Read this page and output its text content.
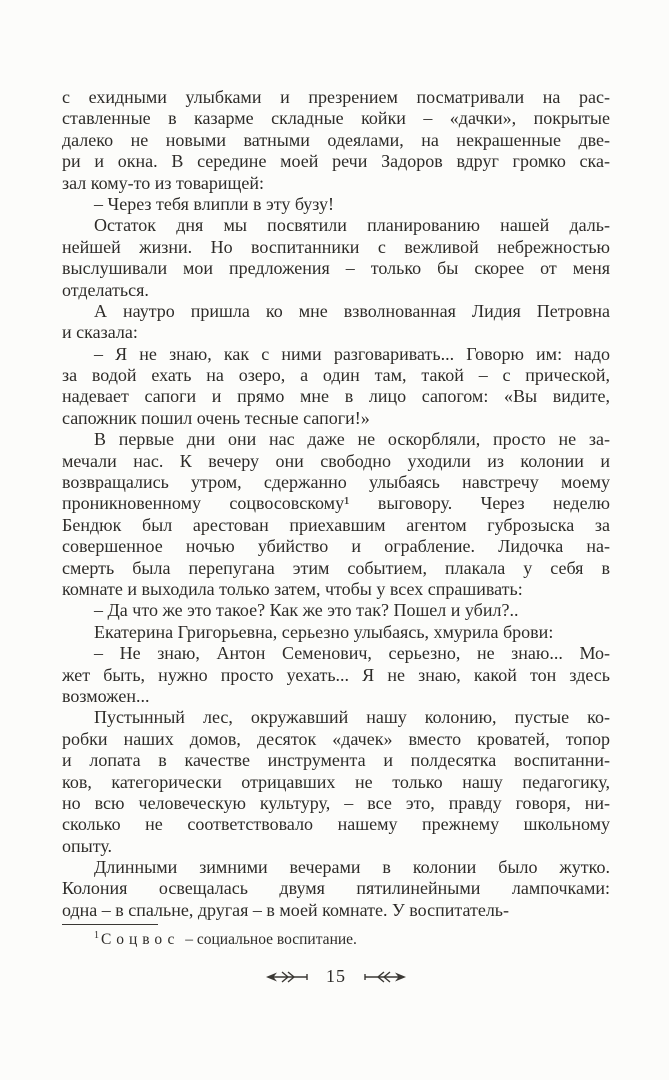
с ехидными улыбками и презрением посматривали на рас-
ставленные в казарме складные койки – «дачки», покрытые
далеко не новыми ватными одеялами, на некрашенные две-
ри и окна. В середине моей речи Задоров вдруг громко ска-
зал кому-то из товарищей:
– Через тебя влипли в эту бузу!
Остаток дня мы посвятили планированию нашей даль-
нейшей жизни. Но воспитанники с вежливой небрежностью
выслушивали мои предложения – только бы скорее от меня
отделаться.
А наутро пришла ко мне взволнованная Лидия Петровна
и сказала:
– Я не знаю, как с ними разговаривать... Говорю им: надо
за водой ехать на озеро, а один там, такой – с прической,
надевает сапоги и прямо мне в лицо сапогом: «Вы видите,
сапожник пошил очень тесные сапоги!»
В первые дни они нас даже не оскорбляли, просто не за-
мечали нас. К вечеру они свободно уходили из колонии и
возвращались утром, сдержанно улыбаясь навстречу моему
проникновенному соцвосовскому¹ выговору. Через неделю
Бендюк был арестован приехавшим агентом губрозыска за
совершенное ночью убийство и ограбление. Лидочка на-
смерть была перепугана этим событием, плакала у себя в
комнате и выходила только затем, чтобы у всех спрашивать:
– Да что же это такое? Как же это так? Пошел и убил?..
Екатерина Григорьевна, серьезно улыбаясь, хмурила брови:
– Не знаю, Антон Семенович, серьезно, не знаю... Мо-
жет быть, нужно просто уехать... Я не знаю, какой тон здесь
возможен...
Пустынный лес, окружавший нашу колонию, пустые ко-
робки наших домов, десяток «дачек» вместо кроватей, топор
и лопата в качестве инструмента и полдесятка воспитанни-
ков, категорически отрицавших не только нашу педагогику,
но всю человеческую культуру, – все это, правду говоря, ни-
сколько не соответствовало нашему прежнему школьному
опыту.
Длинными зимними вечерами в колонии было жутко.
Колония освещалась двумя пятилинейными лампочками:
одна – в спальне, другая – в моей комнате. У воспитатель-
$^1$ Соцвос – социальное воспитание.
15
